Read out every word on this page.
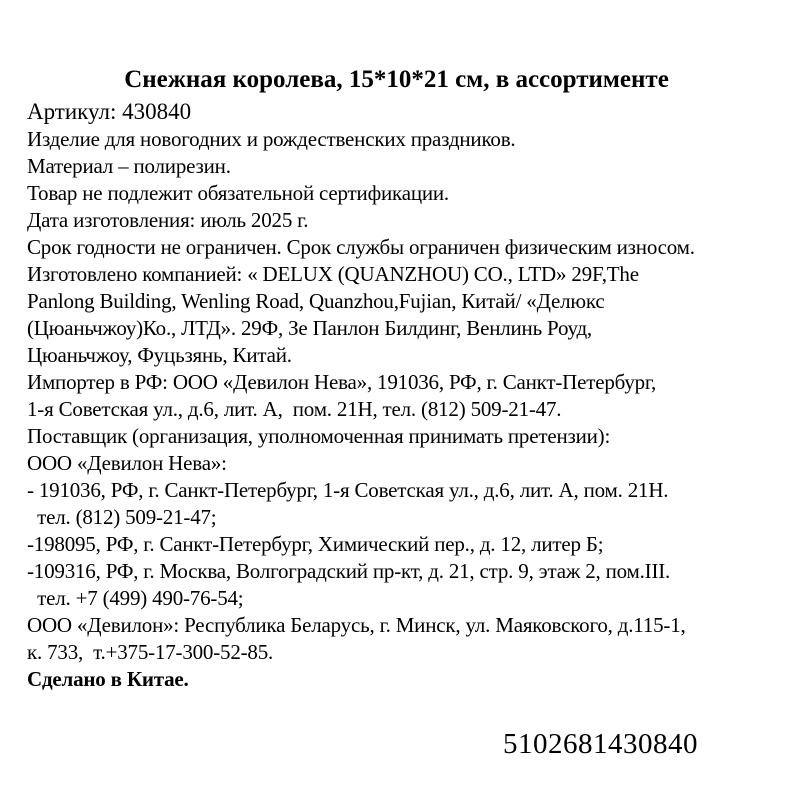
Снежная королева, 15*10*21 см, в ассортименте
Артикул: 430840
Изделие для новогодних и рождественских праздников.
Материал – полирезин.
Товар не подлежит обязательной сертификации.
Дата изготовления: июль 2025 г.
Срок годности не ограничен. Срок службы ограничен физическим износом.
Изготовлено компанией: « DELUX (QUANZHOU) CO., LTD» 29F,The
Panlong Building, Wenling Road, Quanzhou,Fujian, Китай/ «Делюкс
(Цюаньчжоу)Ко., ЛТД». 29Ф, Зе Панлон Билдинг, Венлинь Роуд,
Цюаньчжоу, Фуцьзянь, Китай.
Импортер в РФ: ООО «Девилон Нева», 191036, РФ, г. Санкт-Петербург,
1-я Советская ул., д.6, лит. А,  пом. 21Н, тел. (812) 509-21-47.
Поставщик (организация, уполномоченная принимать претензии):
ООО «Девилон Нева»:
- 191036, РФ, г. Санкт-Петербург, 1-я Советская ул., д.6, лит. А, пом. 21Н.
тел. (812) 509-21-47;
-198095, РФ, г. Санкт-Петербург, Химический пер., д. 12, литер Б;
-109316, РФ, г. Москва, Волгоградский пр-кт, д. 21, стр. 9, этаж 2, пом.III.
тел. +7 (499) 490-76-54;
ООО «Девилон»: Республика Беларусь, г. Минск, ул. Маяковского, д.115-1,
к. 733,  т.+375-17-300-52-85.
Сделано в Китае.
5102681430840
